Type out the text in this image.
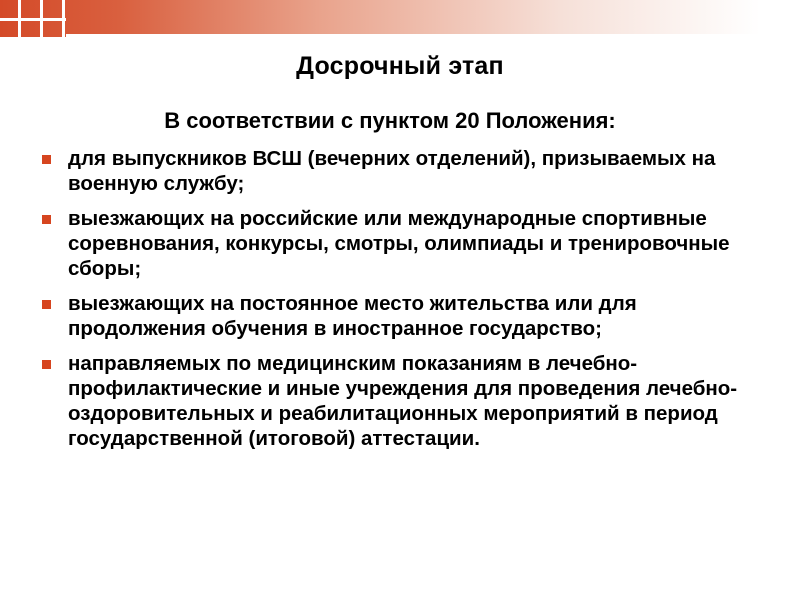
Досрочный этап

В соответствии с пунктом 20 Положения:

для выпускников ВСШ (вечерних отделений), призываемых на военную службу;
выезжающих на российские или международные спортивные соревнования, конкурсы, смотры, олимпиады и тренировочные сборы;
выезжающих на постоянное место жительства или для продолжения обучения в иностранное государство;
направляемых по медицинским показаниям в лечебно-профилактические и иные учреждения для проведения лечебно-оздоровительных и реабилитационных мероприятий в период государственной (итоговой) аттестации.
